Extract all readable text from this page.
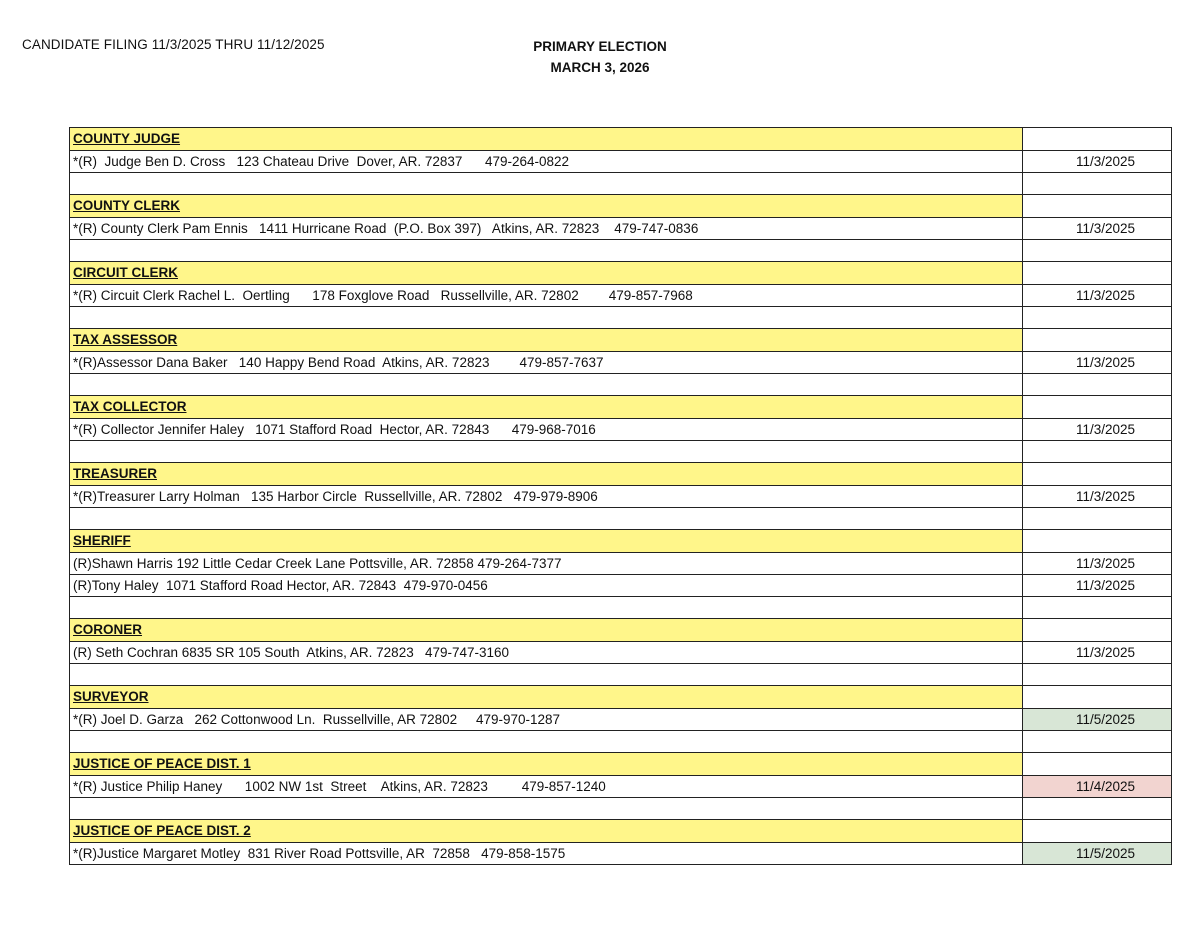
CANDIDATE FILING 11/3/2025 THRU 11/12/2025	PRIMARY ELECTION
MARCH 3, 2026
COUNTY JUDGE
*(R)  Judge Ben D. Cross   123 Chateau Drive  Dover, AR. 72837      479-264-0822	11/3/2025
COUNTY CLERK
*(R) County Clerk Pam Ennis   1411 Hurricane Road  (P.O. Box 397)   Atkins, AR. 72823    479-747-0836	11/3/2025
CIRCUIT CLERK
*(R) Circuit Clerk Rachel L.  Oertling      178 Foxglove Road   Russellville, AR. 72802        479-857-7968	11/3/2025
TAX ASSESSOR
*(R)Assessor Dana Baker   140 Happy Bend Road  Atkins, AR. 72823        479-857-7637	11/3/2025
TAX COLLECTOR
*(R) Collector Jennifer Haley   1071 Stafford Road  Hector, AR. 72843      479-968-7016	11/3/2025
TREASURER
*(R)Treasurer Larry Holman   135 Harbor Circle  Russellville, AR. 72802   479-979-8906	11/3/2025
SHERIFF
(R)Shawn Harris 192 Little Cedar Creek Lane Pottsville, AR. 72858 479-264-7377	11/3/2025
(R)Tony Haley  1071 Stafford Road Hector, AR. 72843  479-970-0456	11/3/2025
CORONER
(R) Seth Cochran 6835 SR 105 South  Atkins, AR. 72823   479-747-3160	11/3/2025
SURVEYOR
*(R) Joel D. Garza   262 Cottonwood Ln.  Russellville, AR 72802     479-970-1287	11/5/2025
JUSTICE OF PEACE DIST. 1
*(R) Justice Philip Haney      1002 NW 1st  Street    Atkins, AR. 72823         479-857-1240	11/4/2025
JUSTICE OF PEACE DIST. 2
*(R)Justice Margaret Motley  831 River Road Pottsville, AR  72858   479-858-1575	11/5/2025
